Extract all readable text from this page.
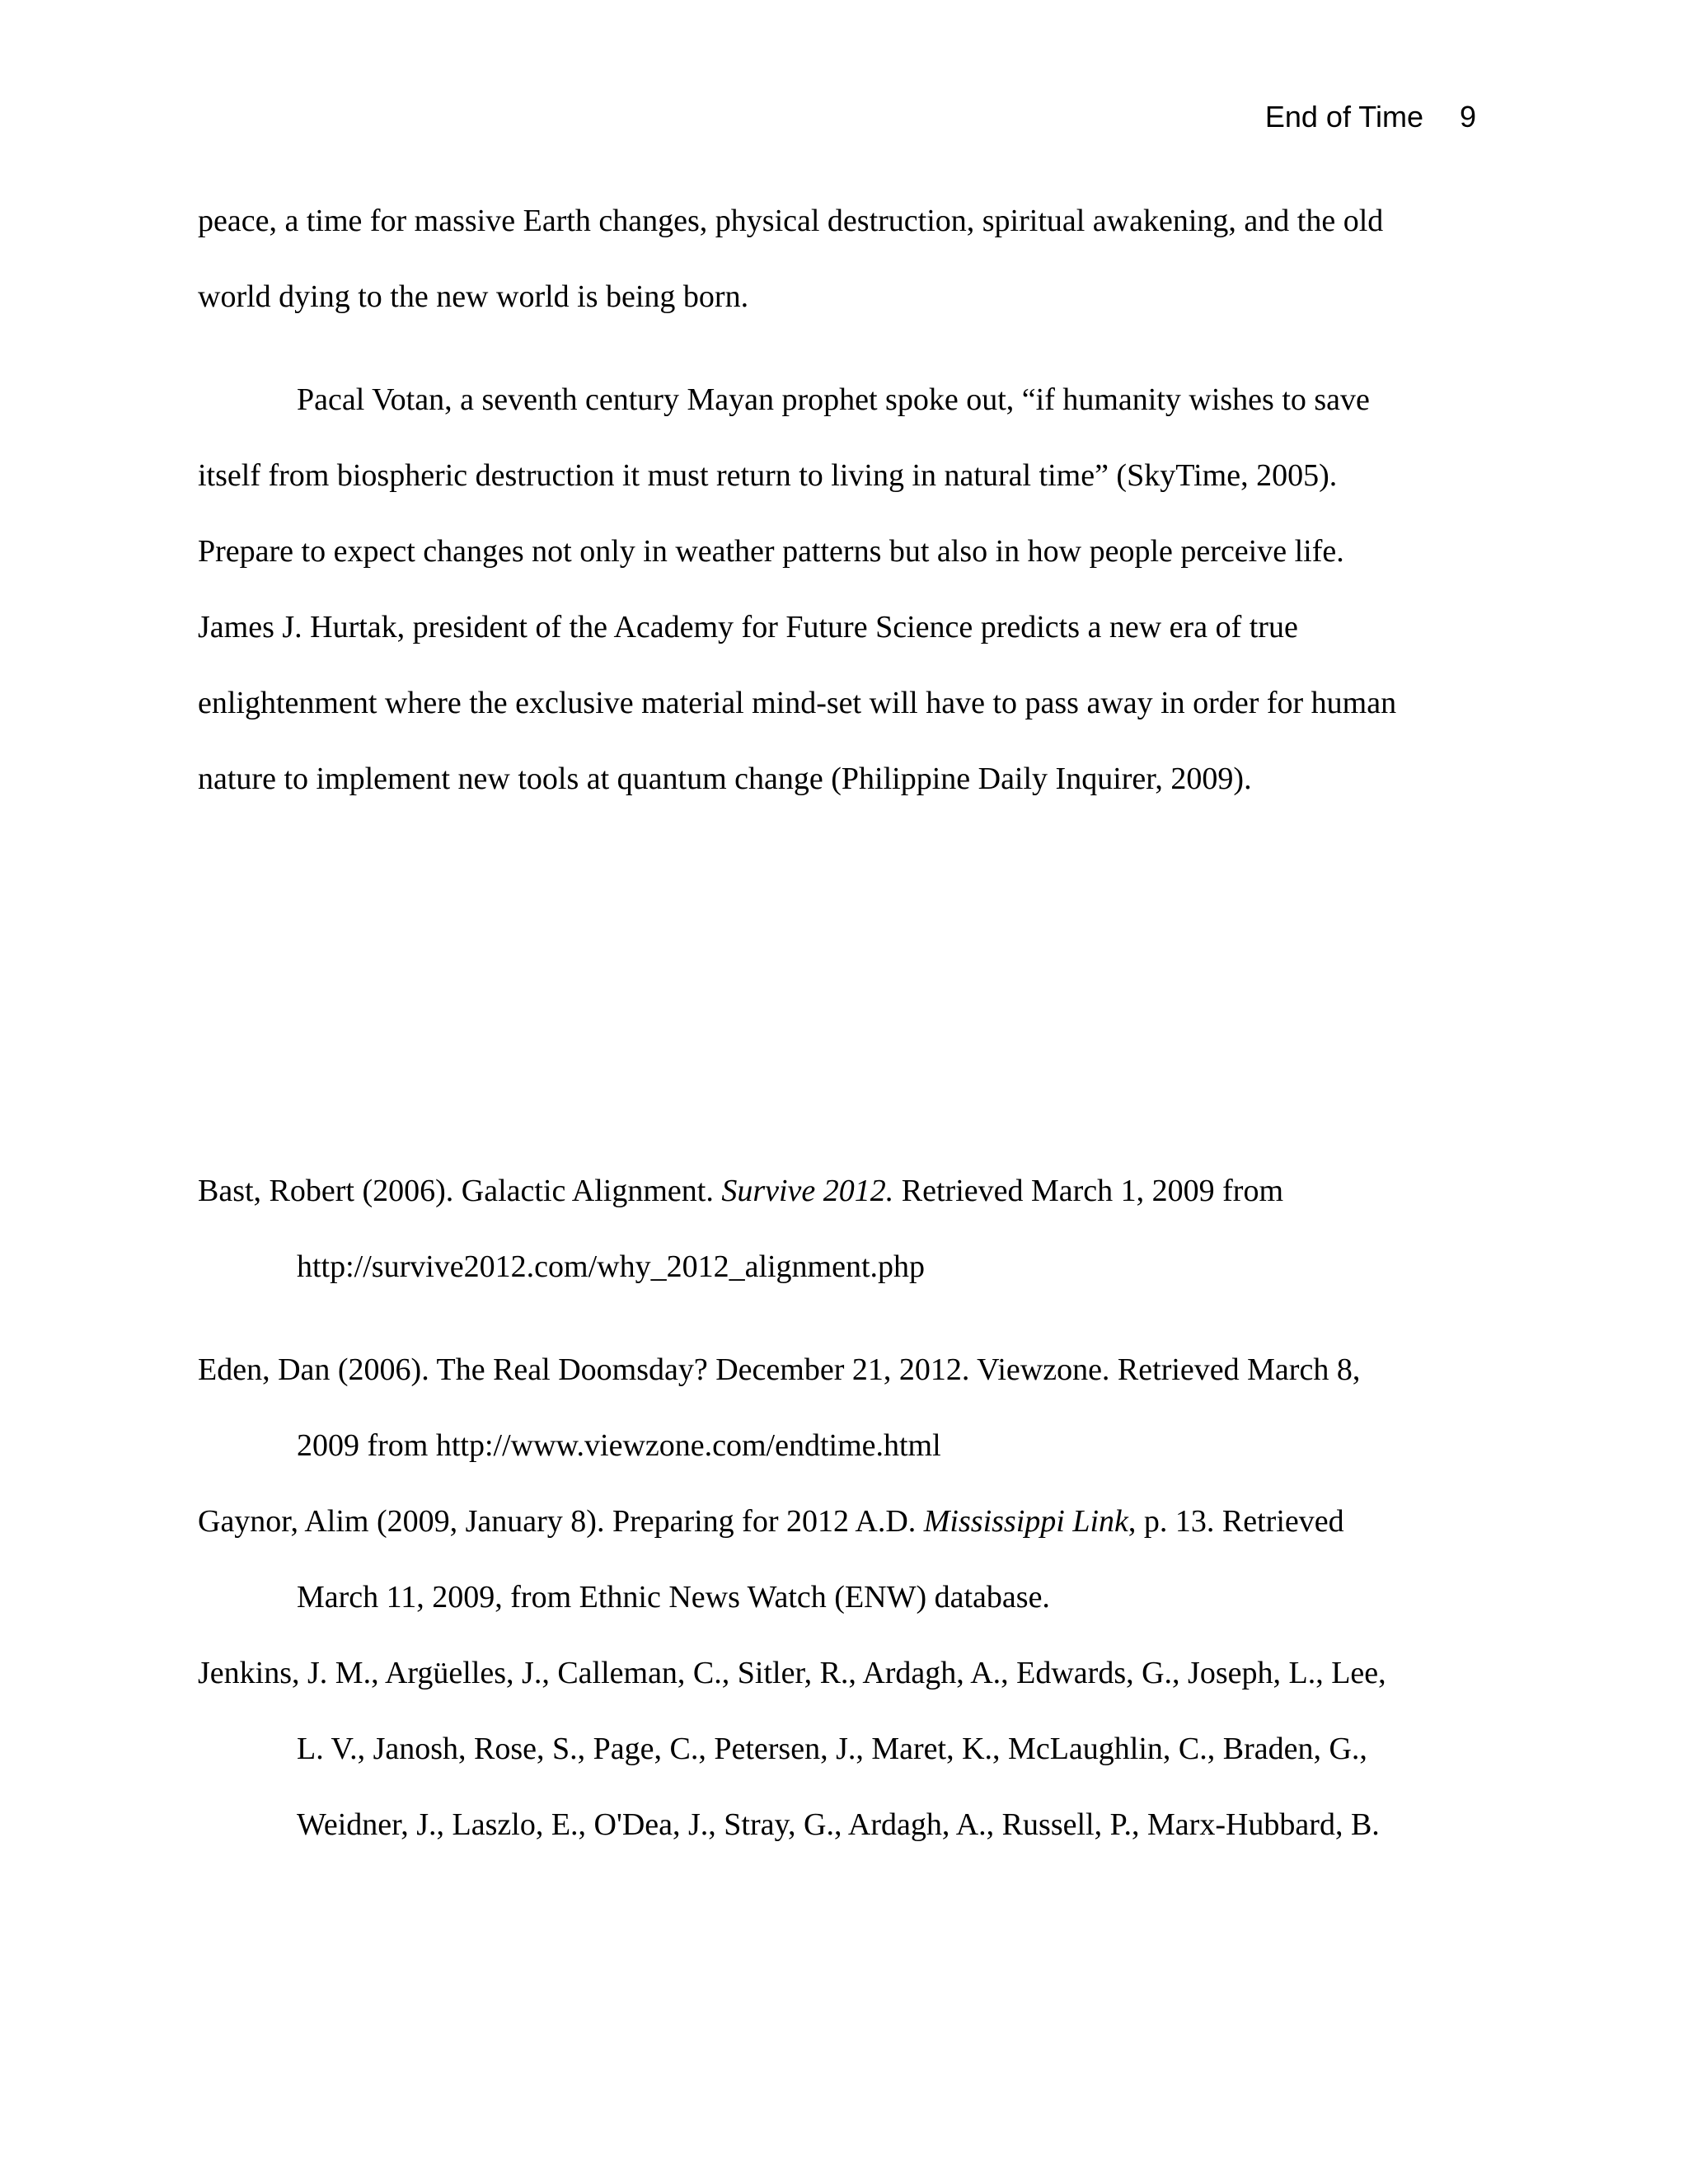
End of Time 9
peace, a time for massive Earth changes, physical destruction, spiritual awakening, and the old
world dying to the new world is being born.
Pacal Votan, a seventh century Mayan prophet spoke out, “if humanity wishes to save
itself from biospheric destruction it must return to living in natural time” (SkyTime, 2005).
Prepare to expect changes not only in weather patterns but also in how people perceive life.
James J. Hurtak, president of the Academy for Future Science predicts a new era of true
enlightenment where the exclusive material mind-set will have to pass away in order for human
nature to implement new tools at quantum change (Philippine Daily Inquirer, 2009).
Bast, Robert (2006). Galactic Alignment. Survive 2012. Retrieved March 1, 2009 from
http://survive2012.com/why_2012_alignment.php
Eden, Dan (2006). The Real Doomsday? December 21, 2012. Viewzone. Retrieved March 8,
2009 from http://www.viewzone.com/endtime.html
Gaynor, Alim (2009, January 8). Preparing for 2012 A.D. Mississippi Link, p. 13. Retrieved
March 11, 2009, from Ethnic News Watch (ENW) database.
Jenkins, J. M., Argüelles, J., Calleman, C., Sitler, R., Ardagh, A., Edwards, G., Joseph, L., Lee,
L. V., Janosh, Rose, S., Page, C., Petersen, J., Maret, K., McLaughlin, C., Braden, G.,
Weidner, J., Laszlo, E., O'Dea, J., Stray, G., Ardagh, A., Russell, P., Marx-Hubbard, B.
